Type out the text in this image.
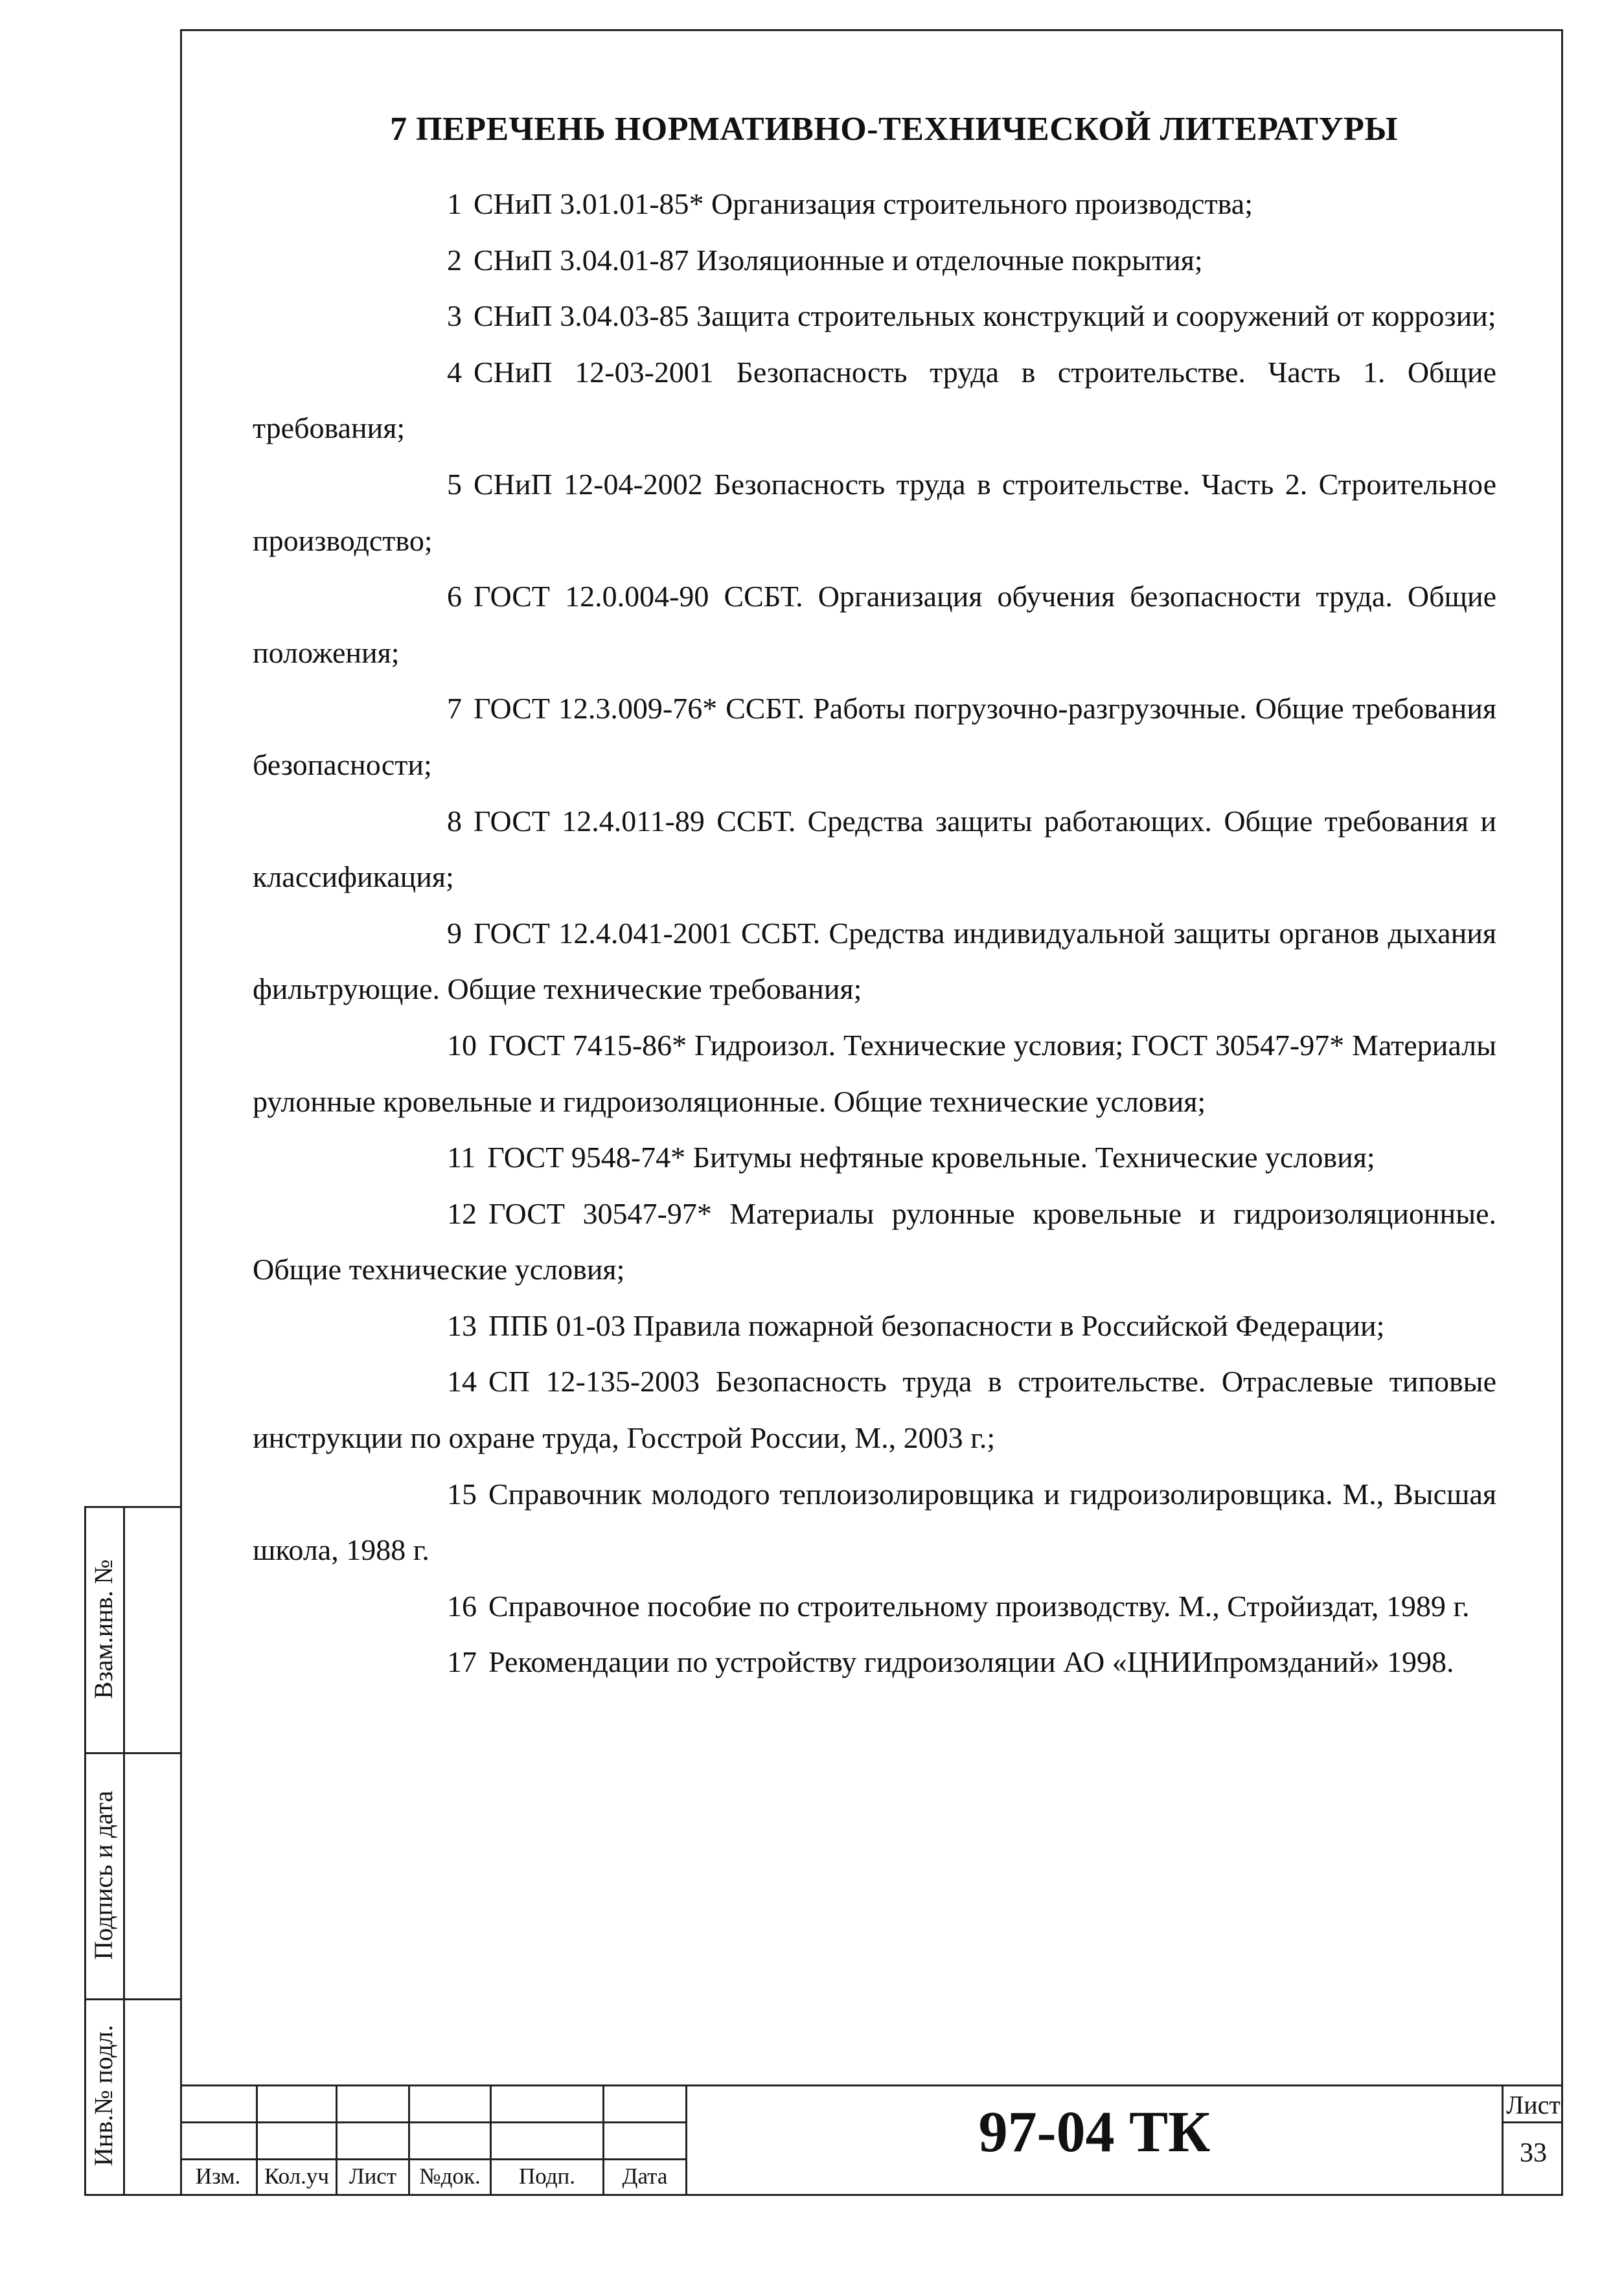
7 ПЕРЕЧЕНЬ НОРМАТИВНО-ТЕХНИЧЕСКОЙ ЛИТЕРАТУРЫ

1 СНиП 3.01.01-85* Организация строительного производства;

2 СНиП 3.04.01-87 Изоляционные и отделочные покрытия;

3 СНиП 3.04.03-85 Защита строительных конструкций и сооружений от коррозии;

4 СНиП 12-03-2001 Безопасность труда в строительстве. Часть 1. Общие требования;

5 СНиП 12-04-2002 Безопасность труда в строительстве. Часть 2. Строительное производство;

6 ГОСТ 12.0.004-90 ССБТ. Организация обучения безопасности труда. Общие положения;

7 ГОСТ 12.3.009-76* ССБТ. Работы погрузочно-разгрузочные. Общие требования безопасности;

8 ГОСТ 12.4.011-89 ССБТ. Средства защиты работающих. Общие требования и классификация;

9 ГОСТ 12.4.041-2001 ССБТ. Средства индивидуальной защиты органов дыхания фильтрующие. Общие технические требования;

10 ГОСТ 7415-86* Гидроизол. Технические условия; ГОСТ 30547-97* Материалы рулонные кровельные и гидроизоляционные. Общие технические условия;

11 ГОСТ 9548-74* Битумы нефтяные кровельные. Технические условия;

12 ГОСТ 30547-97* Материалы рулонные кровельные и гидроизоляционные. Общие технические условия;

13 ППБ 01-03 Правила пожарной безопасности в Российской Федерации;

14 СП 12-135-2003 Безопасность труда в строительстве. Отраслевые типовые инструкции по охране труда, Госстрой России, М., 2003 г.;

15 Справочник молодого теплоизолировщика и гидроизолировщика. М., Высшая школа, 1988 г.

16 Справочное пособие по строительному производству. М., Стройиздат, 1989 г.

17 Рекомендации по устройству гидроизоляции АО «ЦНИИпромзданий» 1998.

Взам.инв. №
Подпись и дата
Инв.№ подл.
Изм.	Кол.уч Лист	№док.	Подп.	Дата
97-04 ТК	Лист
33
